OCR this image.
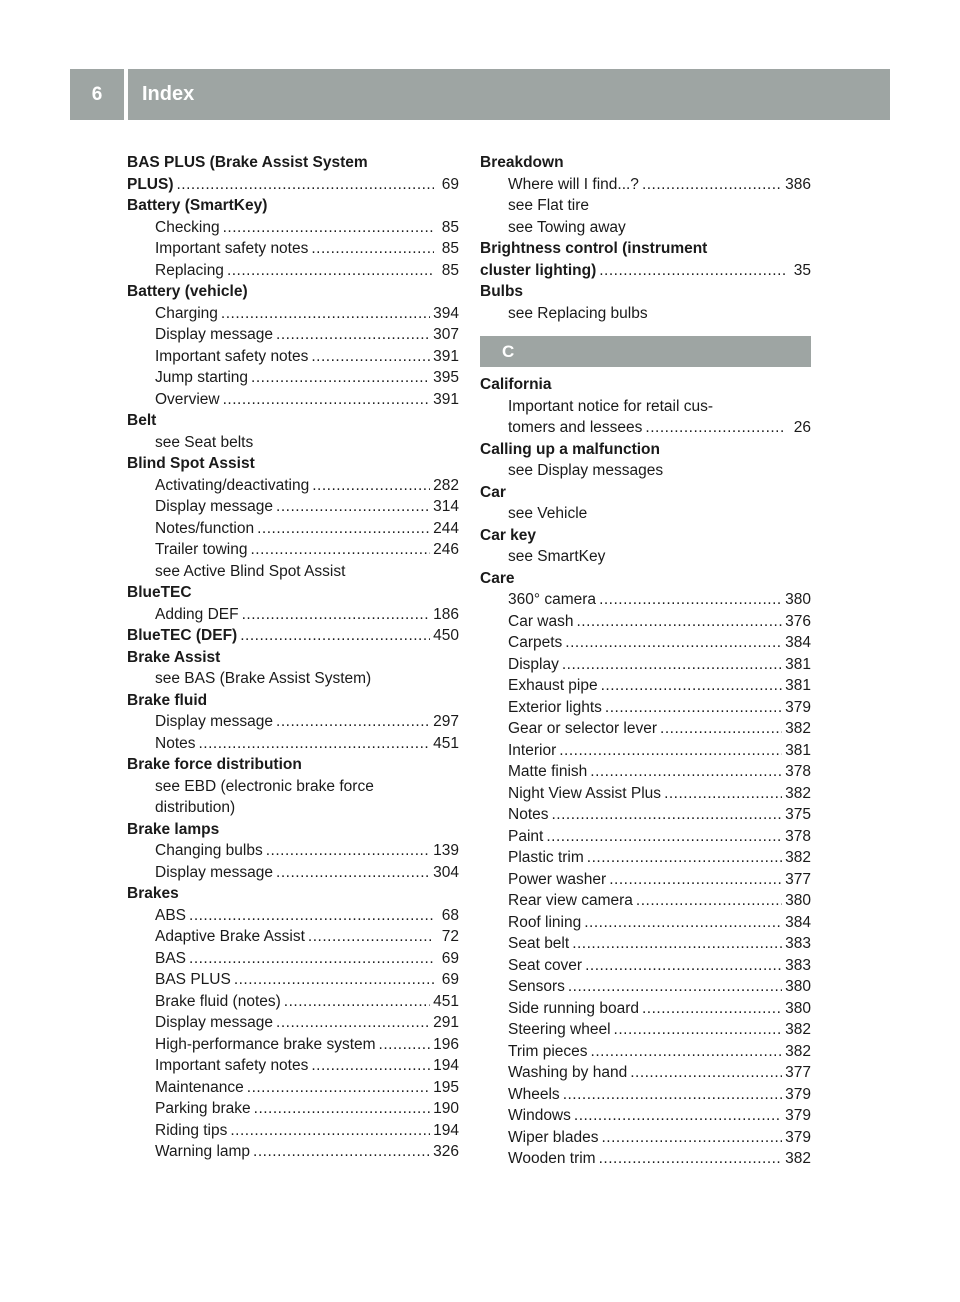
6	Index
BAS PLUS (Brake Assist System
PLUS) .....	69
Battery (SmartKey)
Checking .....	85
Important safety notes .....	85
Replacing .....	85
Battery (vehicle)
Charging .....	394
Display message .....	307
Important safety notes .....	391
Jump starting .....	395
Overview .....	391
Belt
see Seat belts
Blind Spot Assist
Activating/deactivating .....	282
Display message .....	314
Notes/function .....	244
Trailer towing .....	246
see Active Blind Spot Assist
BlueTEC
Adding DEF .....	186
BlueTEC (DEF) .....	450
Brake Assist
see BAS (Brake Assist System)
Brake fluid
Display message .....	297
Notes .....	451
Brake force distribution
see EBD (electronic brake force
distribution)
Brake lamps
Changing bulbs .....	139
Display message .....	304
Brakes
ABS .....	68
Adaptive Brake Assist .....	72
BAS .....	69
BAS PLUS .....	69
Brake fluid (notes) .....	451
Display message .....	291
High-performance brake system .....	196
Important safety notes .....	194
Maintenance .....	195
Parking brake .....	190
Riding tips .....	194
Warning lamp .....	326
Breakdown
Where will I find...? .....	386
see Flat tire
see Towing away
Brightness control (instrument
cluster lighting) .....	35
Bulbs
see Replacing bulbs
C
California
Important notice for retail cus-
tomers and lessees .....	26
Calling up a malfunction
see Display messages
Car
see Vehicle
Car key
see SmartKey
Care
360° camera .....	380
Car wash .....	376
Carpets .....	384
Display .....	381
Exhaust pipe .....	381
Exterior lights .....	379
Gear or selector lever .....	382
Interior .....	381
Matte finish .....	378
Night View Assist Plus .....	382
Notes .....	375
Paint .....	378
Plastic trim .....	382
Power washer .....	377
Rear view camera .....	380
Roof lining .....	384
Seat belt .....	383
Seat cover .....	383
Sensors .....	380
Side running board .....	380
Steering wheel .....	382
Trim pieces .....	382
Washing by hand .....	377
Wheels .....	379
Windows .....	379
Wiper blades .....	379
Wooden trim .....	382
